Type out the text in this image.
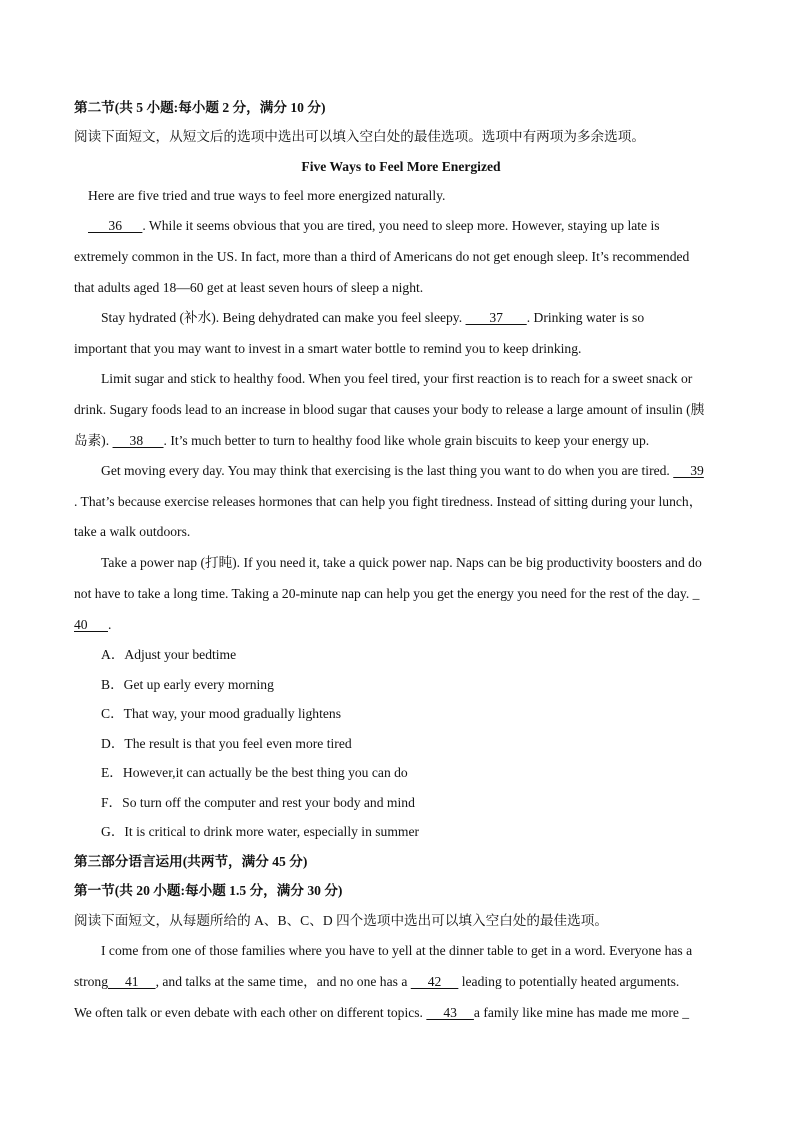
第二节(共 5 小题:每小题 2 分，满分 10 分)
阅读下面短文，从短文后的选项中选出可以填入空白处的最佳选项。选项中有两项为多余选项。
Five Ways to Feel More Energized
Here are five tried and true ways to feel more energized naturally.
36      . While it seems obvious that you are tired, you need to sleep more. However, staying up late is
extremely common in the US. In fact, more than a third of Americans do not get enough sleep. It’s recommended
that adults aged 18—60 get at least seven hours of sleep a night.
Stay hydrated (补水). Being dehydrated can make you feel sleepy.        37       . Drinking water is so
important that you may want to invest in a smart water bottle to remind you to keep drinking.
Limit sugar and stick to healthy food. When you feel tired, your first reaction is to reach for a sweet snack or
drink. Sugary foods lead to an increase in blood sugar that causes your body to release a large amount of insulin (胰
岛素).      38      . It’s much better to turn to healthy food like whole grain biscuits to keep your energy up.
Get moving every day. You may think that exercising is the last thing you want to do when you are tired.      39
. That’s because exercise releases hormones that can help you fight tiredness. Instead of sitting during your lunch，
take a walk outdoors.
Take a power nap (打盹). If you need it, take a quick power nap. Naps can be big productivity boosters and do
not have to take a long time. Taking a 20-minute nap can help you get the energy you need for the rest of the day. _
40      .
A．Adjust your bedtime
B．Get up early every morning
C．That way, your mood gradually lightens
D．The result is that you feel even more tired
E．However,it can actually be the best thing you can do
F．So turn off the computer and rest your body and mind
G．It is critical to drink more water, especially in summer
第三部分语言运用(共两节，满分 45 分)
第一节(共 20 小题:每小题 1.5 分，满分 30 分)
阅读下面短文，从每题所给的 A、B、C、D 四个选项中选出可以填入空白处的最佳选项。
I come from one of those families where you have to yell at the dinner table to get in a word. Everyone has a
strong     41     , and talks at the same time，and no one has a      42      leading to potentially heated arguments.
We often talk or even debate with each other on different topics.      43     a family like mine has made me more _
